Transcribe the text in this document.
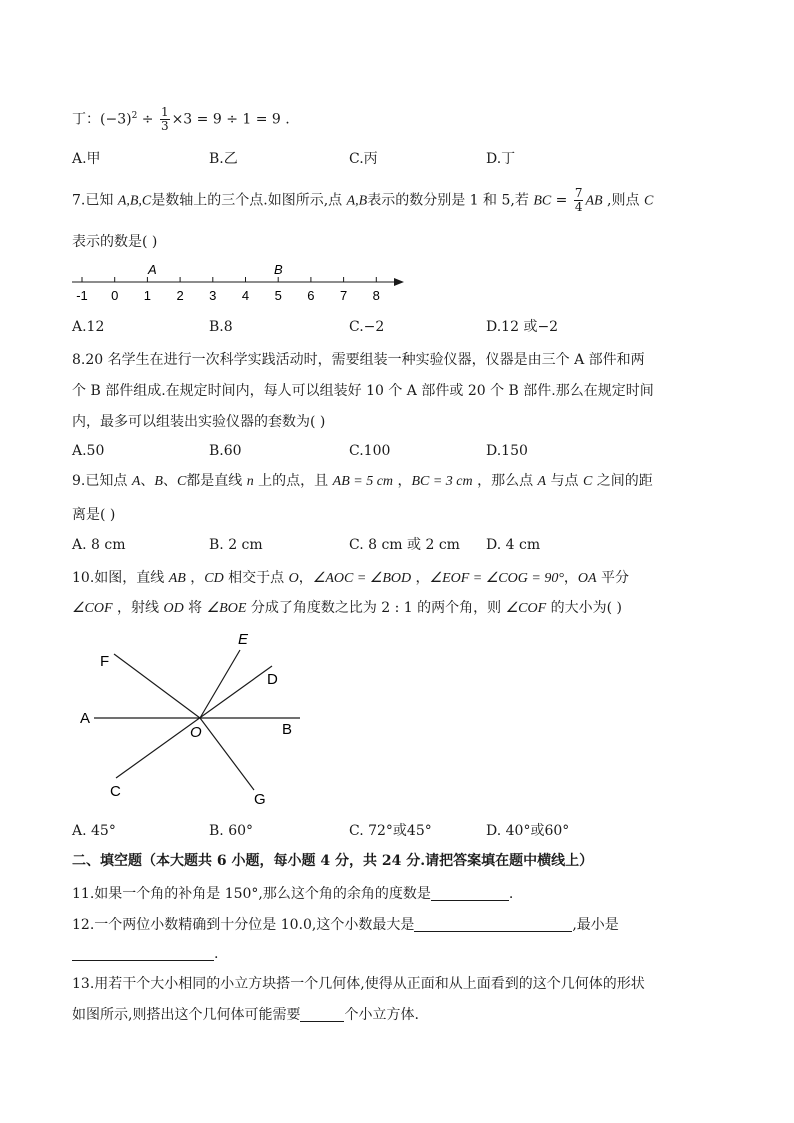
丁：$(-3)^2 \div \frac{1}{3} \times 3 = 9 \div 1 = 9$ .
A.甲	B.乙	C.丙	D.丁
7.已知 A,B,C是数轴上的三个点.如图所示,点 A,B表示的数分别是 1 和 5,若 BC = $\frac{7}{4}$ AB ,则点 C
表示的数是( )
-1 0 1 2 3 4 5 6 7 8
A	B
A.12	B.8	C.−2	D.12 或−2
8.20 名学生在进行一次科学实践活动时，需要组装一种实验仪器，仪器是由三个 A 部件和两
个 B 部件组成.在规定时间内，每人可以组装好 10 个 A 部件或 20 个 B 部件.那么在规定时间
内，最多可以组装出实验仪器的套数为( )
A.50	B.60	C.100	D.150
9.已知点 A、B、C都是直线 n 上的点，且 AB = 5 cm ，BC = 3 cm ，那么点 A 与点 C 之间的距
离是( )
A. 8 cm	B. 2 cm	C. 8 cm 或 2 cm D. 4 cm
10.如图，直线 AB ，CD 相交于点 O，∠AOC = ∠BOD ，∠EOF = ∠COG = 90°，OA 平分
∠COF ，射线 OD 将 ∠BOE 分成了角度数之比为 2 : 1 的两个角，则 ∠COF 的大小为( )
A
B
C
D
E
F
G
O
A. 45°	B. 60°	C. 72°或45°	D. 40°或60°
二、填空题（本大题共 6 小题，每小题 4 分，共 24 分.请把答案填在题中横线上）
11.如果一个角的补角是 150°,那么这个角的余角的度数是	.
12.一个两位小数精确到十分位是 10.0,这个小数最大是	,最小是
.
13.用若干个大小相同的小立方块搭一个几何体,使得从正面和从上面看到的这个几何体的形状
如图所示,则搭出这个几何体可能需要	个小立方体.
